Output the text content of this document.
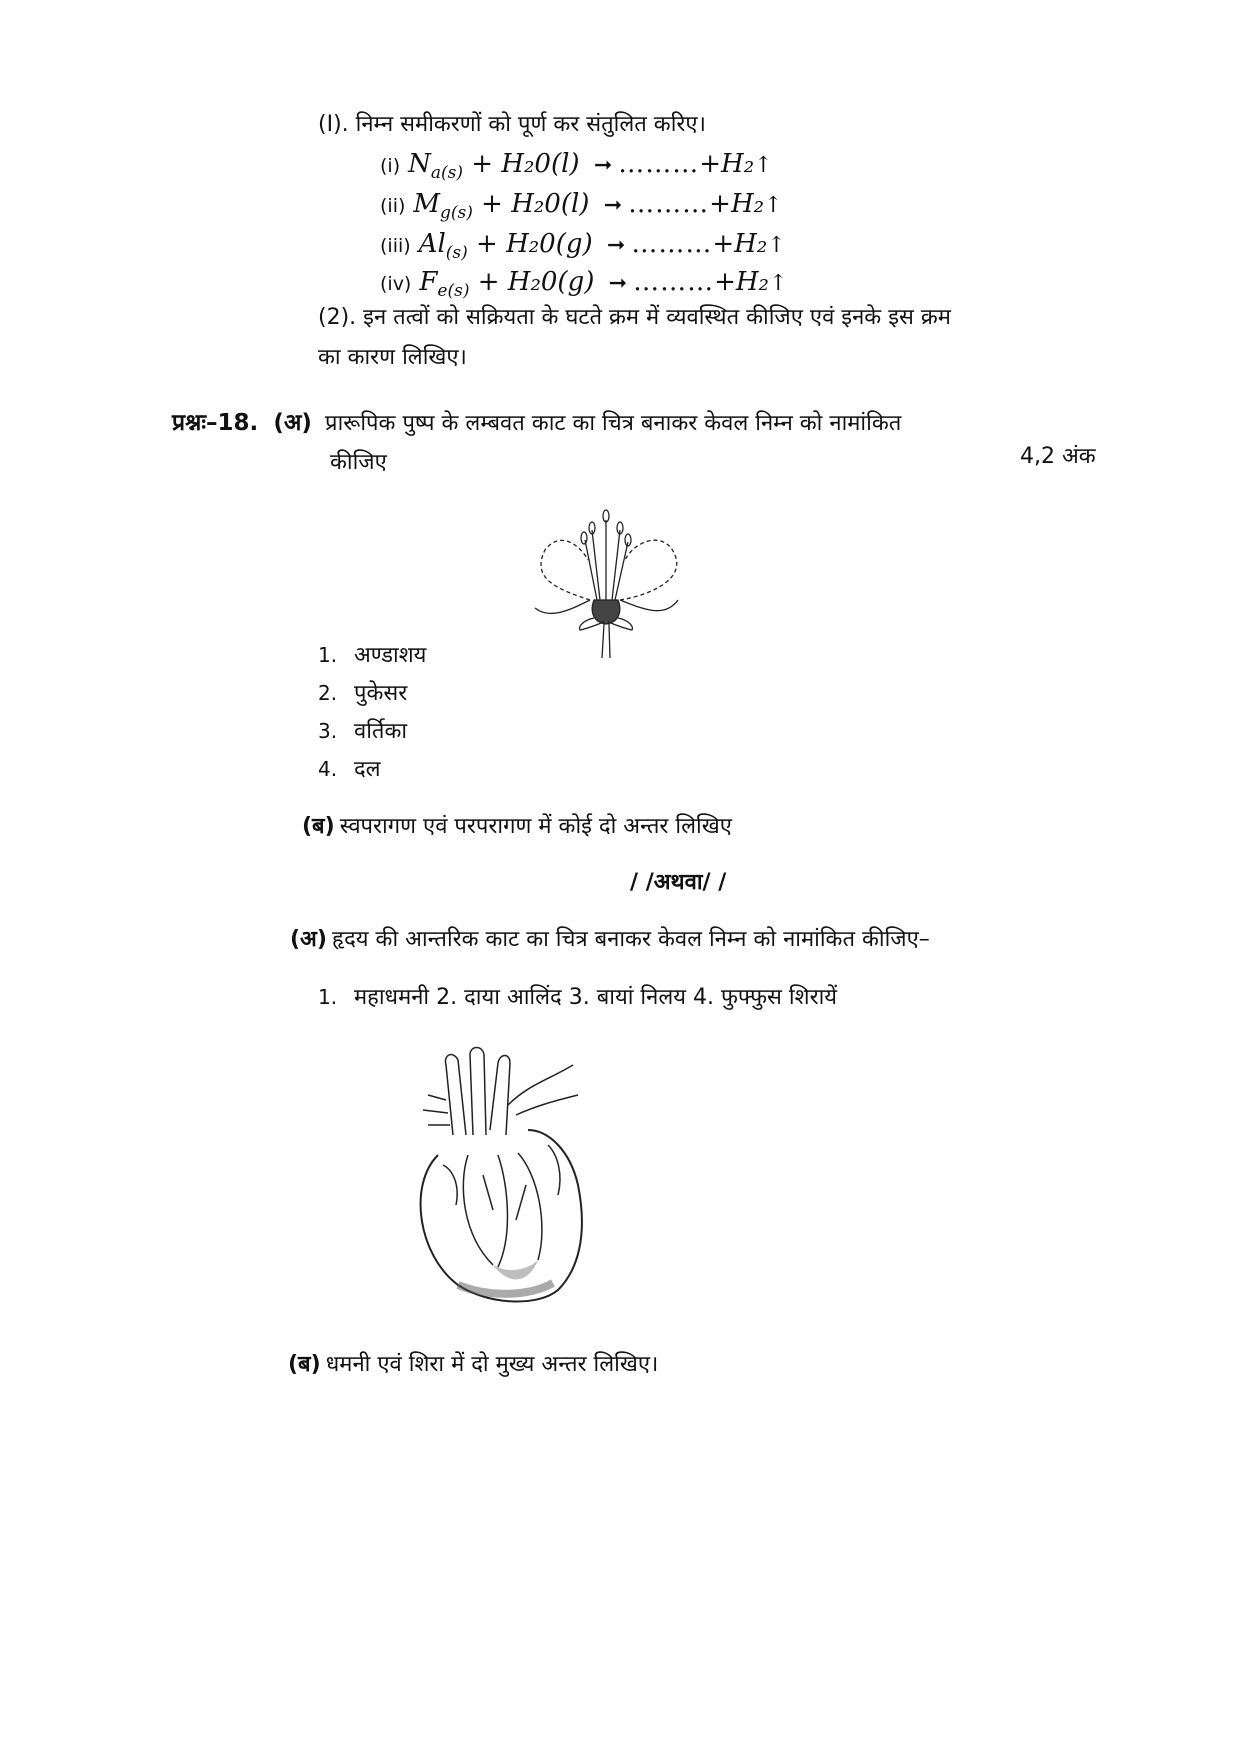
(I). निम्न समीकरणों को पूर्ण कर संतुलित करिए।
(i) $N_{a(s)} + H_20(l)$ ➞ ………+H₂↑
(ii) $M_{g(s)} + H_20(l)$ ➞ ………+H₂↑
(iii) $Al_{(s)} + H_20(g)$ ➞ ………+H₂↑
(iv) $F_{e(s)} + H_20(g)$ ➞ ………+H₂↑
(2). इन तत्वों को सक्रियता के घटते क्रम में व्यवस्थित कीजिए एवं इनके इस क्रम
का कारण लिखिए।
प्रश्नः–18. (अ) प्रारूपिक पुष्प के लम्बवत काट का चित्र बनाकर केवल निम्न को नामांकित
कीजिए	4,2 अंक
1. अण्डाशय
2. पुकेसर
3. वर्तिका
4. दल
(ब) स्वपरागण एवं परपरागण में कोई दो अन्तर लिखिए
/ /अथवा/ /
(अ) हृदय की आन्तरिक काट का चित्र बनाकर केवल निम्न को नामांकित कीजिए–
1. महाधमनी 2. दाया आलिंद 3. बायां निलय 4. फुफ्फुस शिरायें
(ब) धमनी एवं शिरा में दो मुख्य अन्तर लिखिए।
